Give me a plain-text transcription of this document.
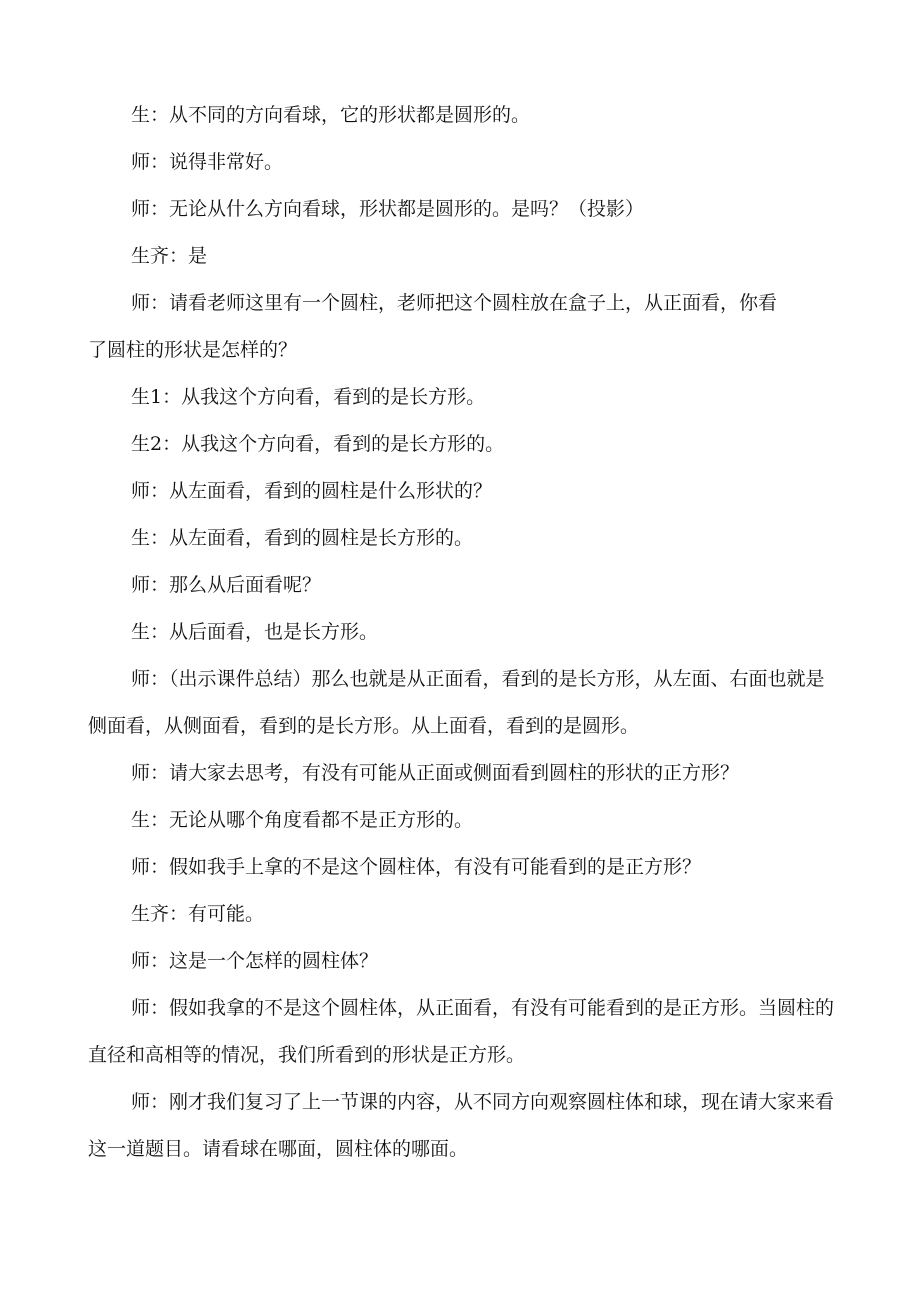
生：从不同的方向看球，它的形状都是圆形的。

师：说得非常好。

师：无论从什么方向看球，形状都是圆形的。是吗？（投影）

生齐：是

师：请看老师这里有一个圆柱，老师把这个圆柱放在盒子上，从正面看，你看了圆柱的形状是怎样的？

生1：从我这个方向看，看到的是长方形。

生2：从我这个方向看，看到的是长方形的。

师：从左面看，看到的圆柱是什么形状的？

生：从左面看，看到的圆柱是长方形的。

师：那么从后面看呢？

生：从后面看，也是长方形。

师：（出示课件总结）那么也就是从正面看，看到的是长方形，从左面、右面也就是侧面看，从侧面看，看到的是长方形。从上面看，看到的是圆形。

师：请大家去思考，有没有可能从正面或侧面看到圆柱的形状的正方形？

生：无论从哪个角度看都不是正方形的。

师：假如我手上拿的不是这个圆柱体，有没有可能看到的是正方形？

生齐：有可能。

师：这是一个怎样的圆柱体？

师：假如我拿的不是这个圆柱体，从正面看，有没有可能看到的是正方形。当圆柱的直径和高相等的情况，我们所看到的形状是正方形。

师：刚才我们复习了上一节课的内容，从不同方向观察圆柱体和球，现在请大家来看这一道题目。请看球在哪面，圆柱体的哪面。
